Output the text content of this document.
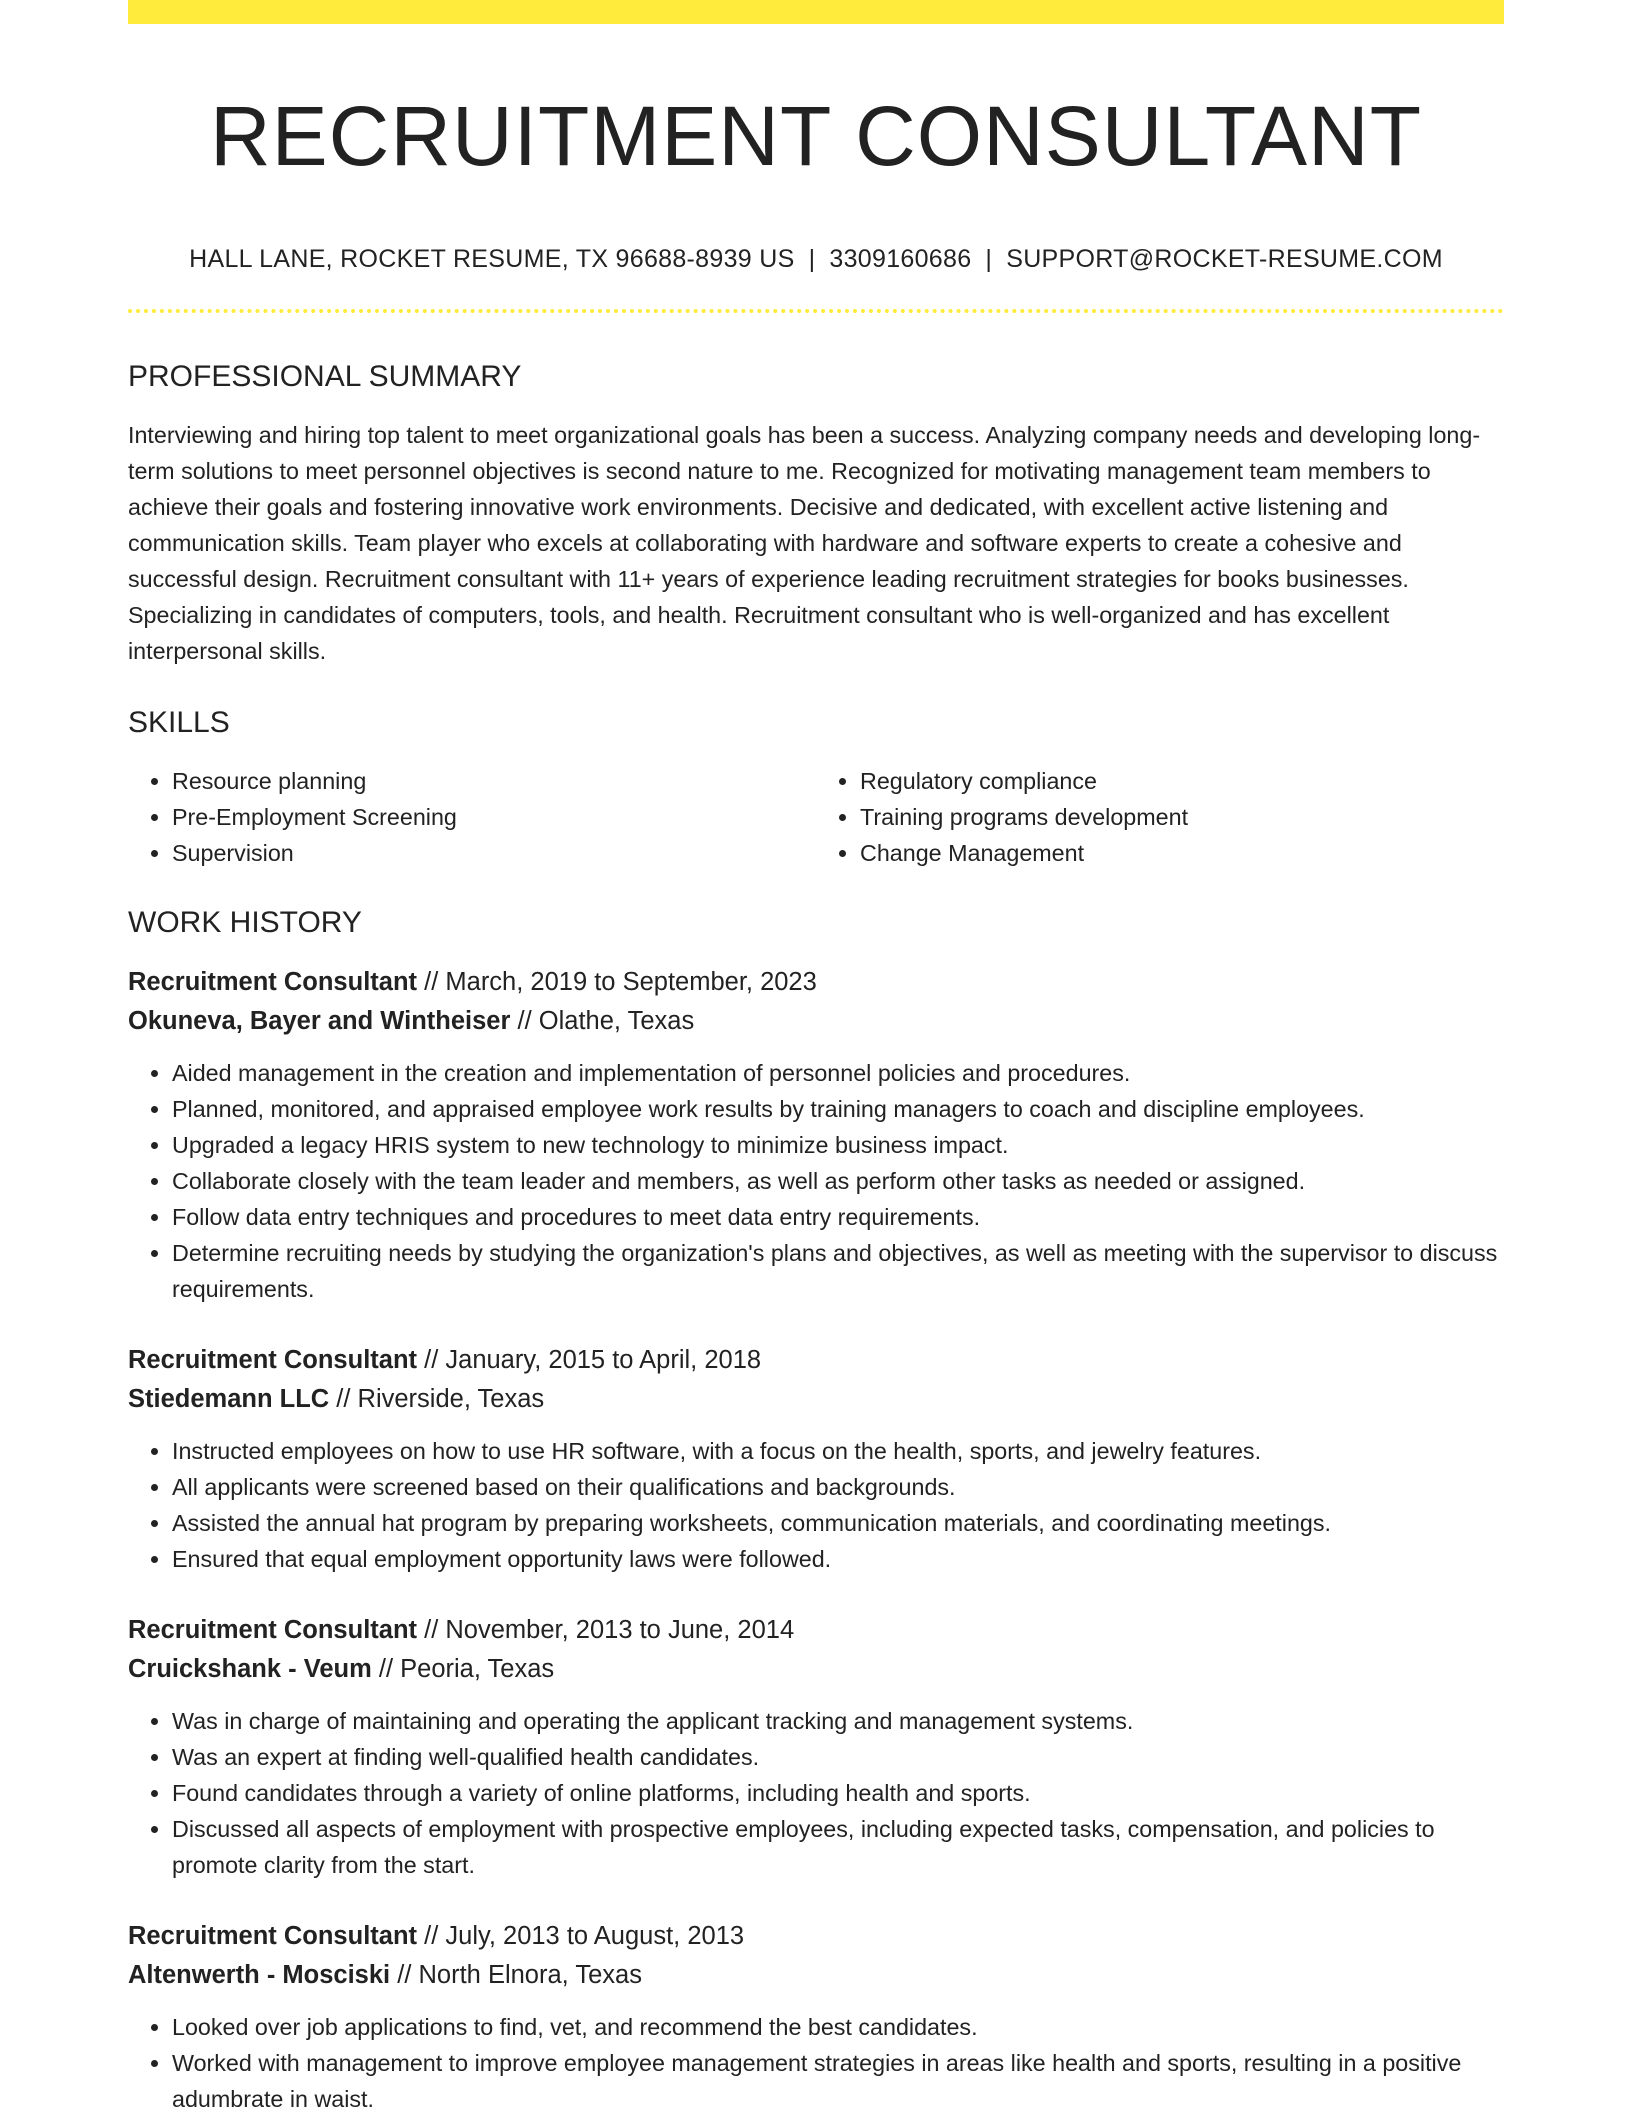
RECRUITMENT CONSULTANT
HALL LANE, ROCKET RESUME, TX 96688-8939 US | 3309160686 | SUPPORT@ROCKET-RESUME.COM
PROFESSIONAL SUMMARY
Interviewing and hiring top talent to meet organizational goals has been a success. Analyzing company needs and developing long-term solutions to meet personnel objectives is second nature to me. Recognized for motivating management team members to achieve their goals and fostering innovative work environments. Decisive and dedicated, with excellent active listening and communication skills. Team player who excels at collaborating with hardware and software experts to create a cohesive and successful design. Recruitment consultant with 11+ years of experience leading recruitment strategies for books businesses. Specializing in candidates of computers, tools, and health. Recruitment consultant who is well-organized and has excellent interpersonal skills.
SKILLS
• Resource planning
• Pre-Employment Screening
• Supervision
• Regulatory compliance
• Training programs development
• Change Management
WORK HISTORY
Recruitment Consultant // March, 2019 to September, 2023
Okuneva, Bayer and Wintheiser // Olathe, Texas
• Aided management in the creation and implementation of personnel policies and procedures.
• Planned, monitored, and appraised employee work results by training managers to coach and discipline employees.
• Upgraded a legacy HRIS system to new technology to minimize business impact.
• Collaborate closely with the team leader and members, as well as perform other tasks as needed or assigned.
• Follow data entry techniques and procedures to meet data entry requirements.
• Determine recruiting needs by studying the organization's plans and objectives, as well as meeting with the supervisor to discuss requirements.
Recruitment Consultant // January, 2015 to April, 2018
Stiedemann LLC // Riverside, Texas
• Instructed employees on how to use HR software, with a focus on the health, sports, and jewelry features.
• All applicants were screened based on their qualifications and backgrounds.
• Assisted the annual hat program by preparing worksheets, communication materials, and coordinating meetings.
• Ensured that equal employment opportunity laws were followed.
Recruitment Consultant // November, 2013 to June, 2014
Cruickshank - Veum // Peoria, Texas
• Was in charge of maintaining and operating the applicant tracking and management systems.
• Was an expert at finding well-qualified health candidates.
• Found candidates through a variety of online platforms, including health and sports.
• Discussed all aspects of employment with prospective employees, including expected tasks, compensation, and policies to promote clarity from the start.
Recruitment Consultant // July, 2013 to August, 2013
Altenwerth - Mosciski // North Elnora, Texas
• Looked over job applications to find, vet, and recommend the best candidates.
• Worked with management to improve employee management strategies in areas like health and sports, resulting in a positive adumbrate in waist.
